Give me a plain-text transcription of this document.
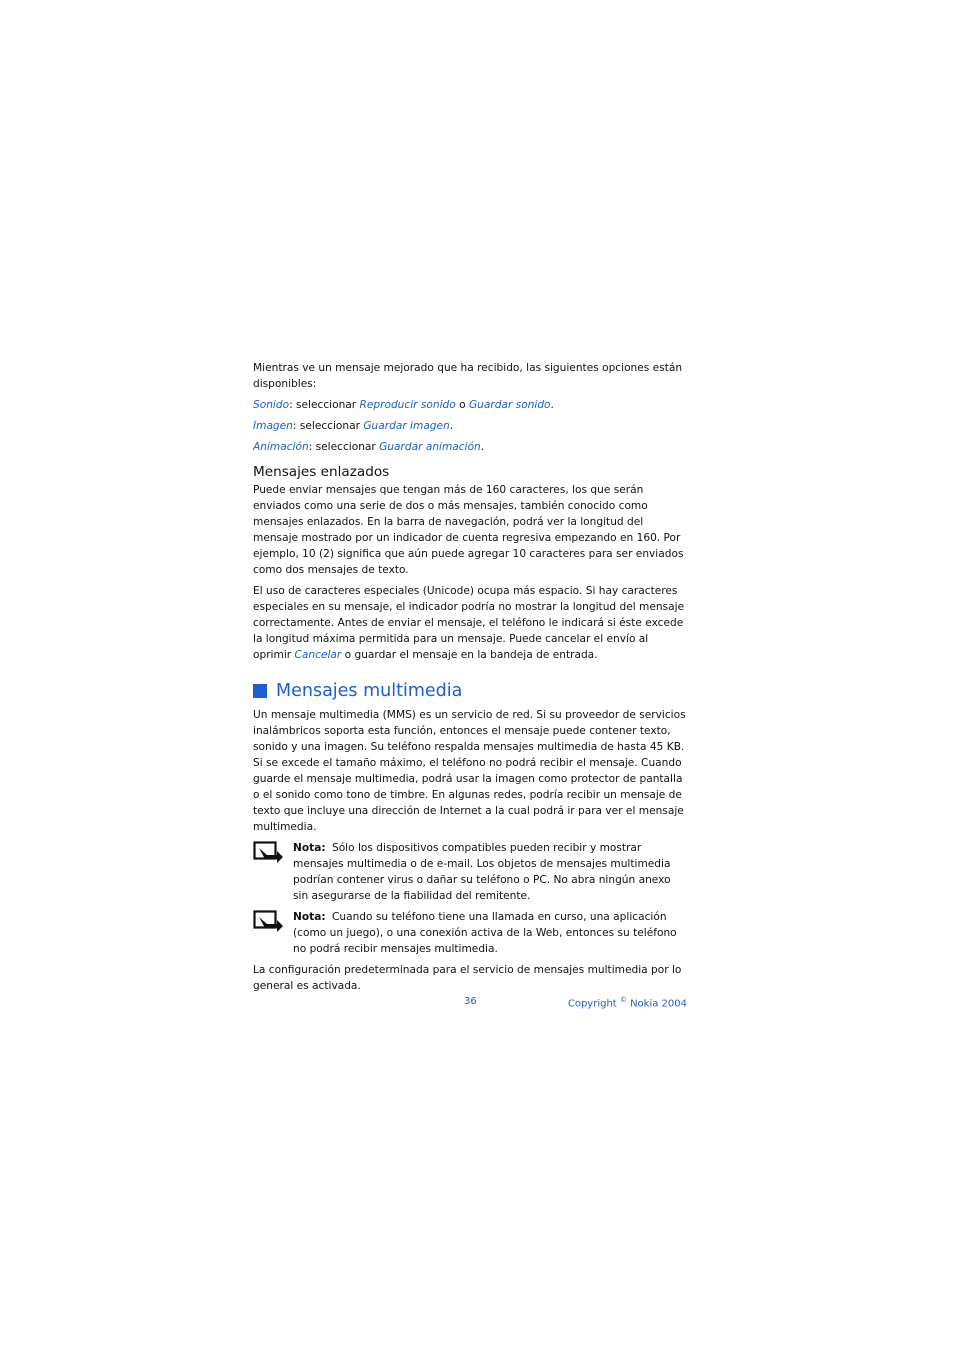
Mientras ve un mensaje mejorado que ha recibido, las siguientes opciones están disponibles:

Sonido: seleccionar Reproducir sonido o Guardar sonido.

Imagen: seleccionar Guardar imagen.

Animación: seleccionar Guardar animación.

Mensajes enlazados

Puede enviar mensajes que tengan más de 160 caracteres, los que serán enviados como una serie de dos o más mensajes, también conocido como mensajes enlazados. En la barra de navegación, podrá ver la longitud del mensaje mostrado por un indicador de cuenta regresiva empezando en 160. Por ejemplo, 10 (2) significa que aún puede agregar 10 caracteres para ser enviados como dos mensajes de texto.

El uso de caracteres especiales (Unicode) ocupa más espacio. Si hay caracteres especiales en su mensaje, el indicador podría no mostrar la longitud del mensaje correctamente. Antes de enviar el mensaje, el teléfono le indicará si éste excede la longitud máxima permitida para un mensaje. Puede cancelar el envío al oprimir Cancelar o guardar el mensaje en la bandeja de entrada.

Mensajes multimedia

Un mensaje multimedia (MMS) es un servicio de red. Si su proveedor de servicios inalámbricos soporta esta función, entonces el mensaje puede contener texto, sonido y una imagen. Su teléfono respalda mensajes multimedia de hasta 45 KB. Si se excede el tamaño máximo, el teléfono no podrá recibir el mensaje. Cuando guarde el mensaje multimedia, podrá usar la imagen como protector de pantalla o el sonido como tono de timbre. En algunas redes, podría recibir un mensaje de texto que incluye una dirección de Internet a la cual podrá ir para ver el mensaje multimedia.

Nota: Sólo los dispositivos compatibles pueden recibir y mostrar mensajes multimedia o de e-mail. Los objetos de mensajes multimedia podrían contener virus o dañar su teléfono o PC. No abra ningún anexo sin asegurarse de la fiabilidad del remitente.
Nota: Cuando su teléfono tiene una llamada en curso, una aplicación (como un juego), o una conexión activa de la Web, entonces su teléfono no podrá recibir mensajes multimedia.

La configuración predeterminada para el servicio de mensajes multimedia por lo general es activada.

36	Copyright © Nokia 2004
